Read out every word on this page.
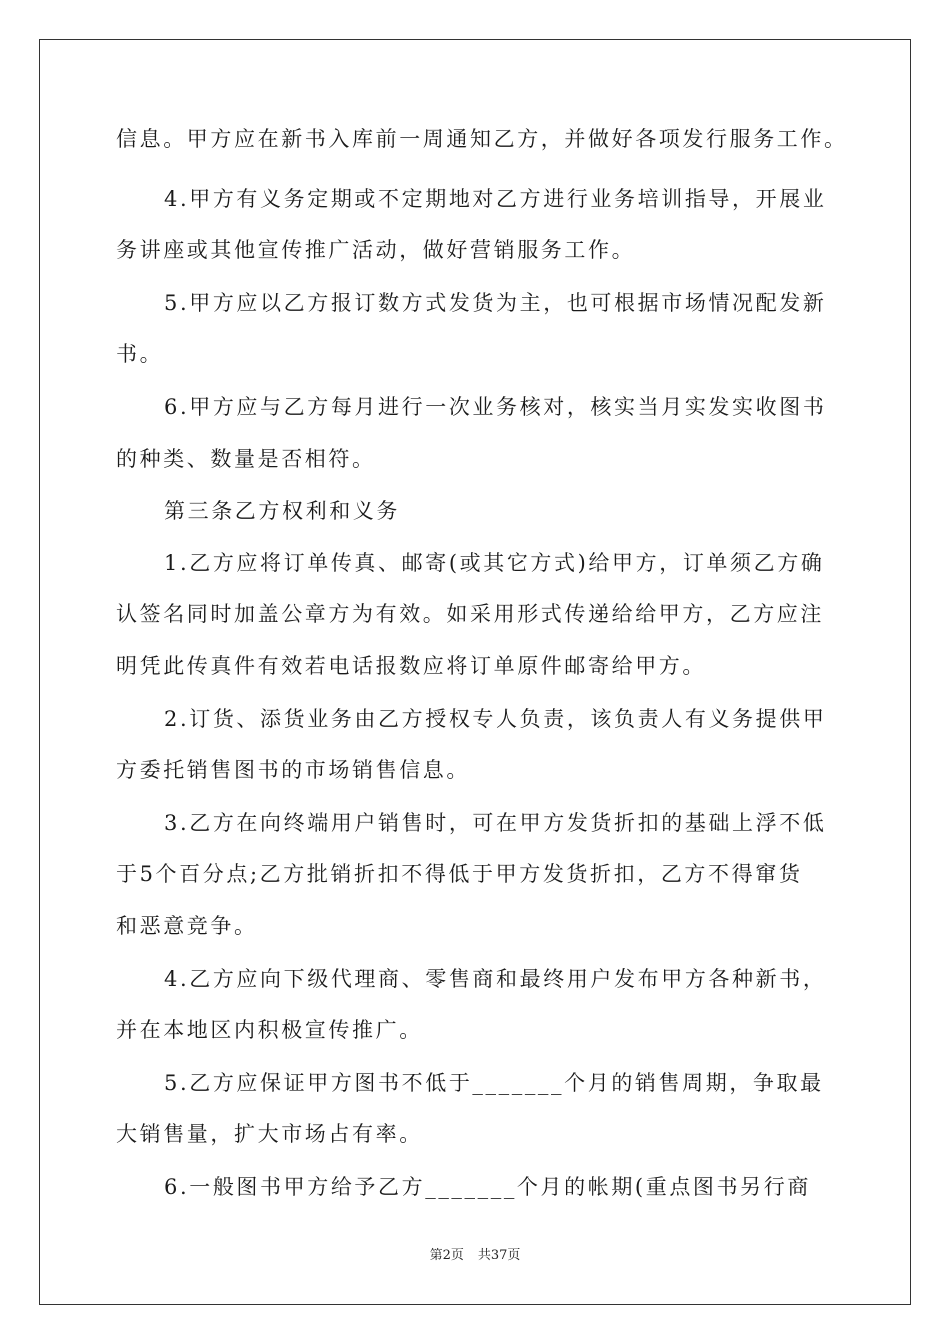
信息。甲方应在新书入库前一周通知乙方，并做好各项发行服务工作。
4.甲方有义务定期或不定期地对乙方进行业务培训指导，开展业
务讲座或其他宣传推广活动，做好营销服务工作。
5.甲方应以乙方报订数方式发货为主，也可根据市场情况配发新
书。
6.甲方应与乙方每月进行一次业务核对，核实当月实发实收图书
的种类、数量是否相符。
第三条乙方权利和义务
1.乙方应将订单传真、邮寄(或其它方式)给甲方，订单须乙方确
认签名同时加盖公章方为有效。如采用形式传递给给甲方，乙方应注
明凭此传真件有效若电话报数应将订单原件邮寄给甲方。
2.订货、添货业务由乙方授权专人负责，该负责人有义务提供甲
方委托销售图书的市场销售信息。
3.乙方在向终端用户销售时，可在甲方发货折扣的基础上浮不低
于5个百分点;乙方批销折扣不得低于甲方发货折扣，乙方不得窜货
和恶意竞争。
4.乙方应向下级代理商、零售商和最终用户发布甲方各种新书，
并在本地区内积极宣传推广。
5.乙方应保证甲方图书不低于_______个月的销售周期，争取最
大销售量，扩大市场占有率。
6.一般图书甲方给予乙方_______个月的帐期(重点图书另行商
第2页 共37页
